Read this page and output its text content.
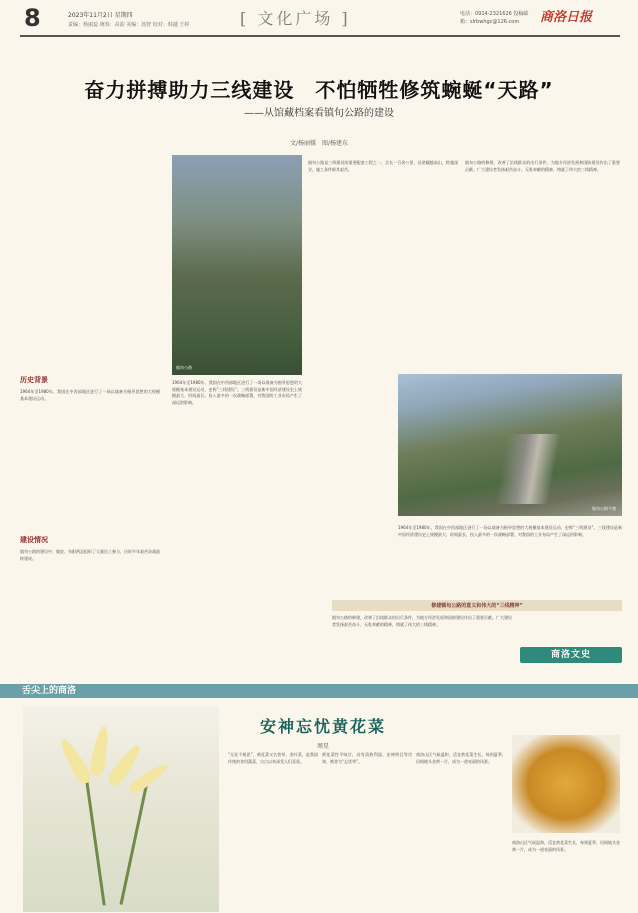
8	2023年11月2日 星期四
责编：杨丽蕊 统筹：高韵 美编：汤智 校对：韩越 王婷	[ 文化广场 ]	电话：0914-2321626 投稿邮箱：slrbwhgc@126.com	商洛日报
奋力拼搏助力三线建设　不怕牺牲修筑蜿蜒“天路”
——从馆藏档案看镇旬公路的建设
文/杨丽媛　图/杨建东
历史背景
1964年至1980年，我国在中西部地区进行了一场以战备为指导思想的大规模基本建设运动。
建设情况
镇旬公路的建设中，镇安、旬阳两县组织了大量民工参与，历时多年艰苦奋战最终建成。
镇旬公路
镇旬公路今貌
1964年至1980年，我国在中西部地区进行了一场以战备为指导思想的大规模基本建设运动，史称“三线建设”。三线建设是新中国经济建设史上规模最大、时间最长、投入最多的一次战略部署，对我国的工业布局产生了深远的影响。
镇旬公路是三线建设的重要配套工程之一，全长一百余公里，沿途翻越高山，跨越深谷，施工条件极其艰苦。
镇旬公路的修建，改善了沿线群众的出行条件，为地方经济发展和国防建设作出了重要贡献。广大建设者发扬艰苦奋斗、无私奉献的精神，铸就了伟大的三线精神。
1964年至1980年，我国在中西部地区进行了一场以战备为指导思想的大规模基本建设运动，史称“三线建设”。三线建设是新中国经济建设史上规模最大、时间最长、投入最多的一次战略部署，对我国的工业布局产生了深远的影响。
修建镇旬公路的意义和伟大的“三线精神”
镇旬公路的修建，改善了沿线群众的出行条件，为地方经济发展和国防建设作出了重要贡献。广大建设者发扬艰苦奋斗、无私奉献的精神，铸就了伟大的三线精神。
商洛文史
舌尖上的商洛
安神忘忧黄花菜
周星
“无处不相思”，黄花菜又名萱草、金针菜，是我国传统的食用蔬菜，自古以来深受人们喜爱。
黄花菜性平味甘，具有清热利湿、安神明目等功效，被誉为“忘忧草”。
商洛山区气候温和，适宜黄花菜生长，每到夏季，田间地头金黄一片，成为一道亮丽的风景。
商洛山区气候温和，适宜黄花菜生长，每到夏季，田间地头金黄一片，成为一道亮丽的风景。
